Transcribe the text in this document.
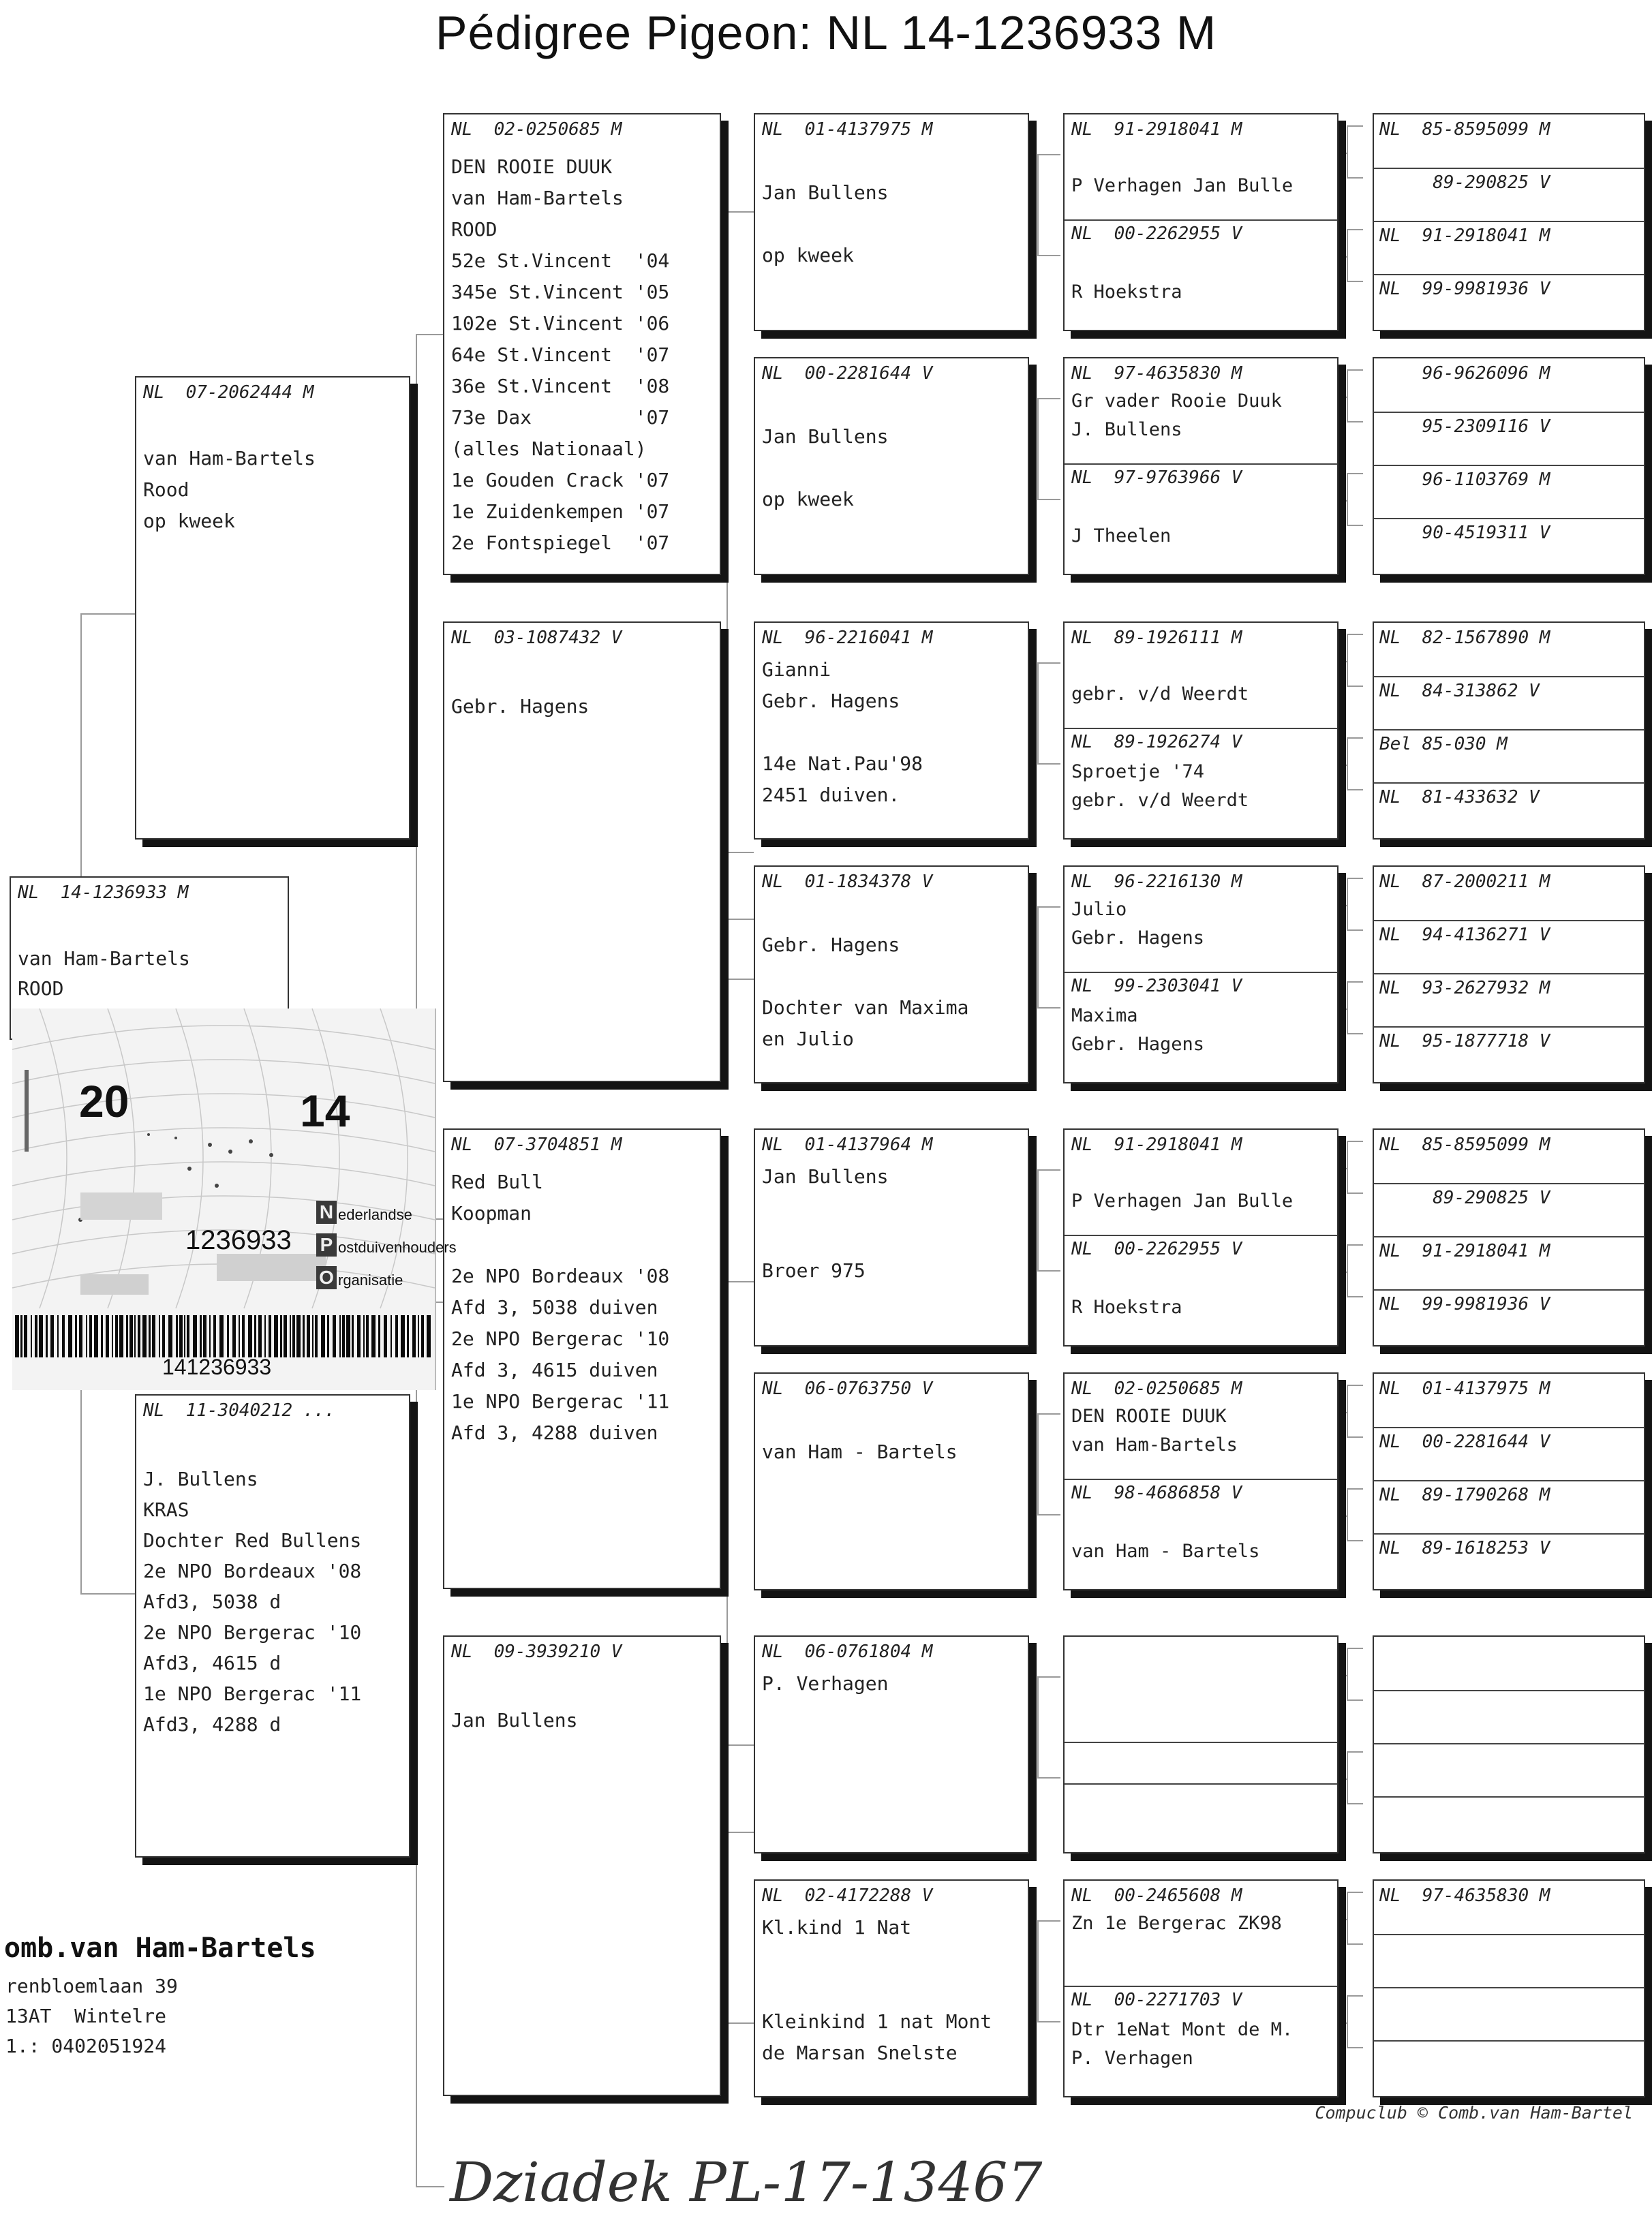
Pédigree Pigeon: NL 14-1236933 M
NL  14-1236933 M
van Ham-Bartels
ROOD
NL  07-2062444 M
van Ham-Bartels
Rood
op kweek
NL  11-3040212 ...
J. Bullens
KRAS
Dochter Red Bullens
2e NPO Bordeaux '08
Afd3, 5038 d
2e NPO Bergerac '10
Afd3, 4615 d
1e NPO Bergerac '11
Afd3, 4288 d
NL  02-0250685 M
DEN ROOIE DUUK
van Ham-Bartels
ROOD
52e St.Vincent  '04
345e St.Vincent '05
102e St.Vincent '06
64e St.Vincent  '07
36e St.Vincent  '08
73e Dax         '07
(alles Nationaal)
1e Gouden Crack '07
1e Zuidenkempen '07
2e Fontspiegel  '07
NL  03-1087432 V
Gebr. Hagens
NL  07-3704851 M
Red Bull
Koopman
2e NPO Bordeaux '08
Afd 3, 5038 duiven
2e NPO Bergerac '10
Afd 3, 4615 duiven
1e NPO Bergerac '11
Afd 3, 4288 duiven
NL  09-3939210 V
Jan Bullens
NL  01-4137975 M
Jan Bullens
op kweek
NL  00-2281644 V
Jan Bullens
op kweek
NL  96-2216041 M
Gianni
Gebr. Hagens
14e Nat.Pau'98
2451 duiven.
NL  01-1834378 V
Gebr. Hagens
Dochter van Maxima
en Julio
NL  01-4137964 M
Jan Bullens
Broer 975
NL  06-0763750 V
van Ham - Bartels
NL  06-0761804 M
P. Verhagen
NL  02-4172288 V
Kl.kind 1 Nat
Kleinkind 1 nat Mont
de Marsan Snelste
NL  91-2918041 M
P Verhagen Jan Bulle
NL  00-2262955 V
R Hoekstra
NL  97-4635830 M
Gr vader Rooie Duuk
J. Bullens
NL  97-9763966 V
J Theelen
NL  89-1926111 M
gebr. v/d Weerdt
NL  89-1926274 V
Sproetje '74
gebr. v/d Weerdt
NL  96-2216130 M
Julio
Gebr. Hagens
NL  99-2303041 V
Maxima
Gebr. Hagens
NL  91-2918041 M
P Verhagen Jan Bulle
NL  00-2262955 V
R Hoekstra
NL  02-0250685 M
DEN ROOIE DUUK
van Ham-Bartels
NL  98-4686858 V
van Ham - Bartels
NL  00-2465608 M
Zn 1e Bergerac ZK98
NL  00-2271703 V
Dtr 1eNat Mont de M.
P. Verhagen
NL  85-8595099 M
89-290825 V
NL  91-2918041 M
NL  99-9981936 V
96-9626096 M
95-2309116 V
96-1103769 M
90-4519311 V
NL  82-1567890 M
NL  84-313862 V
Bel 85-030 M
NL  81-433632 V
NL  87-2000211 M
NL  94-4136271 V
NL  93-2627932 M
NL  95-1877718 V
NL  85-8595099 M
89-290825 V
NL  91-2918041 M
NL  99-9981936 V
NL  01-4137975 M
NL  00-2281644 V
NL  89-1790268 M
NL  89-1618253 V
NL  97-4635830 M
20	14
1236933
N ederlandse
P ostduivenhouders
O rganisatie
141236933
omb.van Ham-Bartels
renbloemlaan 39
13AT  Wintelre
1.: 0402051924
Compuclub © Comb.van Ham-Bartel
Dziadek PL-17-13467
